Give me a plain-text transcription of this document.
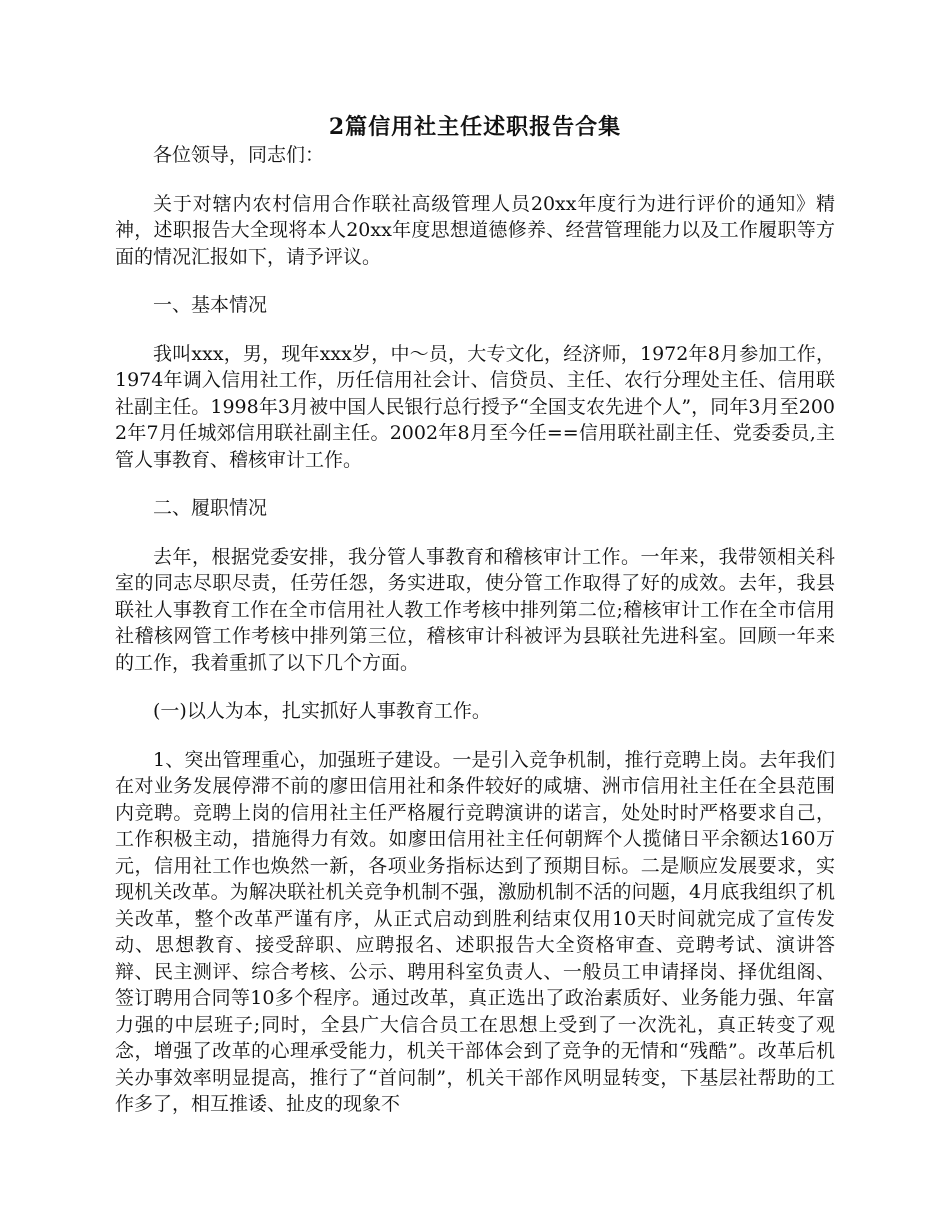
2篇信用社主任述职报告合集

各位领导，同志们：

关于对辖内农村信用合作联社高级管理人员20xx年度行为进行评价的通知》精神，述职报告大全现将本人20xx年度思想道德修养、经营管理能力以及工作履职等方面的情况汇报如下，请予评议。

一、基本情况

我叫xxx，男，现年xxx岁，中～员，大专文化，经济师，1972年8月参加工作，1974年调入信用社工作，历任信用社会计、信贷员、主任、农行分理处主任、信用联社副主任。1998年3月被中国人民银行总行授予“全国支农先进个人”，同年3月至2002年7月任城郊信用联社副主任。2002年8月至今任==信用联社副主任、党委委员,主管人事教育、稽核审计工作。

二、履职情况

去年，根据党委安排，我分管人事教育和稽核审计工作。一年来，我带领相关科室的同志尽职尽责，任劳任怨，务实进取，使分管工作取得了好的成效。去年，我县联社人事教育工作在全市信用社人教工作考核中排列第二位;稽核审计工作在全市信用社稽核网管工作考核中排列第三位，稽核审计科被评为县联社先进科室。回顾一年来的工作，我着重抓了以下几个方面。

(一)以人为本，扎实抓好人事教育工作。

1、突出管理重心，加强班子建设。一是引入竞争机制，推行竞聘上岗。去年我们在对业务发展停滞不前的廖田信用社和条件较好的咸塘、洲市信用社主任在全县范围内竞聘。竞聘上岗的信用社主任严格履行竞聘演讲的诺言，处处时时严格要求自己，工作积极主动，措施得力有效。如廖田信用社主任何朝辉个人揽储日平余额达160万元，信用社工作也焕然一新，各项业务指标达到了预期目标。二是顺应发展要求，实现机关改革。为解决联社机关竞争机制不强，激励机制不活的问题，4月底我组织了机关改革，整个改革严谨有序，从正式启动到胜利结束仅用10天时间就完成了宣传发动、思想教育、接受辞职、应聘报名、述职报告大全资格审查、竞聘考试、演讲答辩、民主测评、综合考核、公示、聘用科室负责人、一般员工申请择岗、择优组阁、签订聘用合同等10多个程序。通过改革，真正选出了政治素质好、业务能力强、年富力强的中层班子;同时，全县广大信合员工在思想上受到了一次洗礼，真正转变了观念，增强了改革的心理承受能力，机关干部体会到了竞争的无情和“残酷”。改革后机关办事效率明显提高，推行了“首问制”，机关干部作风明显转变，下基层社帮助的工作多了，相互推诿、扯皮的现象不
